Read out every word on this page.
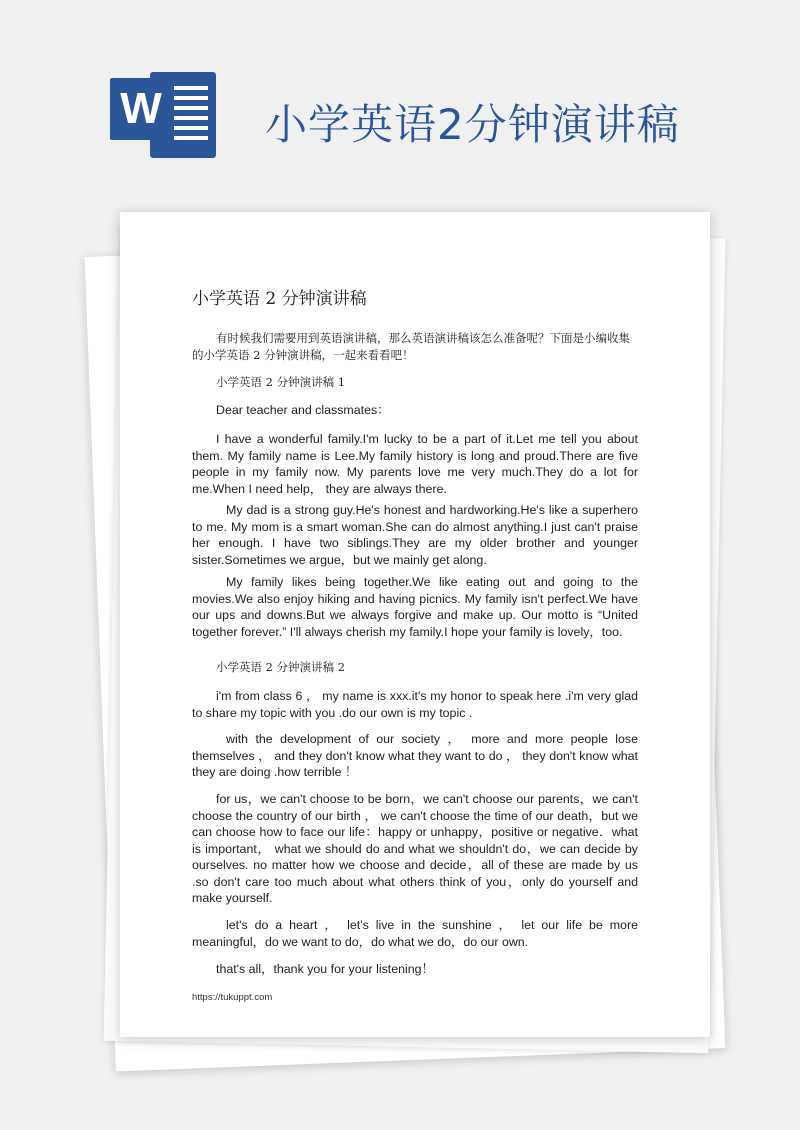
W 小学英语2分钟演讲稿
小学英语 2 分钟演讲稿

有时候我们需要用到英语演讲稿，那么英语演讲稿该怎么准备呢？下面是小编收集的小学英语 2 分钟演讲稿，一起来看看吧！

小学英语 2 分钟演讲稿 1

Dear teacher and classmates：

I have a wonderful family.I'm lucky to be a part of it.Let me tell you about them. My family name is Lee.My family history is long and proud.There are five people in my family now. My parents love me very much.They do a lot for me.When I need help， they are always there.

My dad is a strong guy.He's honest and hardworking.He's like a superhero to me. My mom is a smart woman.She can do almost anything.I just can't praise her enough. I have two siblings.They are my older brother and younger sister.Sometimes we argue，but we mainly get along.

My family likes being together.We like eating out and going to the movies.We also enjoy hiking and having picnics. My family isn't perfect.We have our ups and downs.But we always forgive and make up. Our motto is “United together forever.” I'll always cherish my family.I hope your family is lovely，too.

小学英语 2 分钟演讲稿 2

i'm from class 6 ， my name is xxx.it's my honor to speak here .i'm very glad to share my topic with you .do our own is my topic .

with the development of our society ， more and more people lose themselves ， and they don't know what they want to do ， they don't know what they are doing .how terrible ！

for us，we can't choose to be born，we can't choose our parents，we can't choose the country of our birth ， we can't choose the time of our death，but we can choose how to face our life：happy or unhappy，positive or negative．what is important， what we should do and what we shouldn't do，we can decide by ourselves. no matter how we choose and decide，all of these are made by us .so don't care too much about what others think of you，only do yourself and make yourself.

let's do a heart ， let's live in the sunshine ， let our life be more meaningful，do we want to do，do what we do，do our own.

that's all，thank you for your listening！

https://tukuppt.com
